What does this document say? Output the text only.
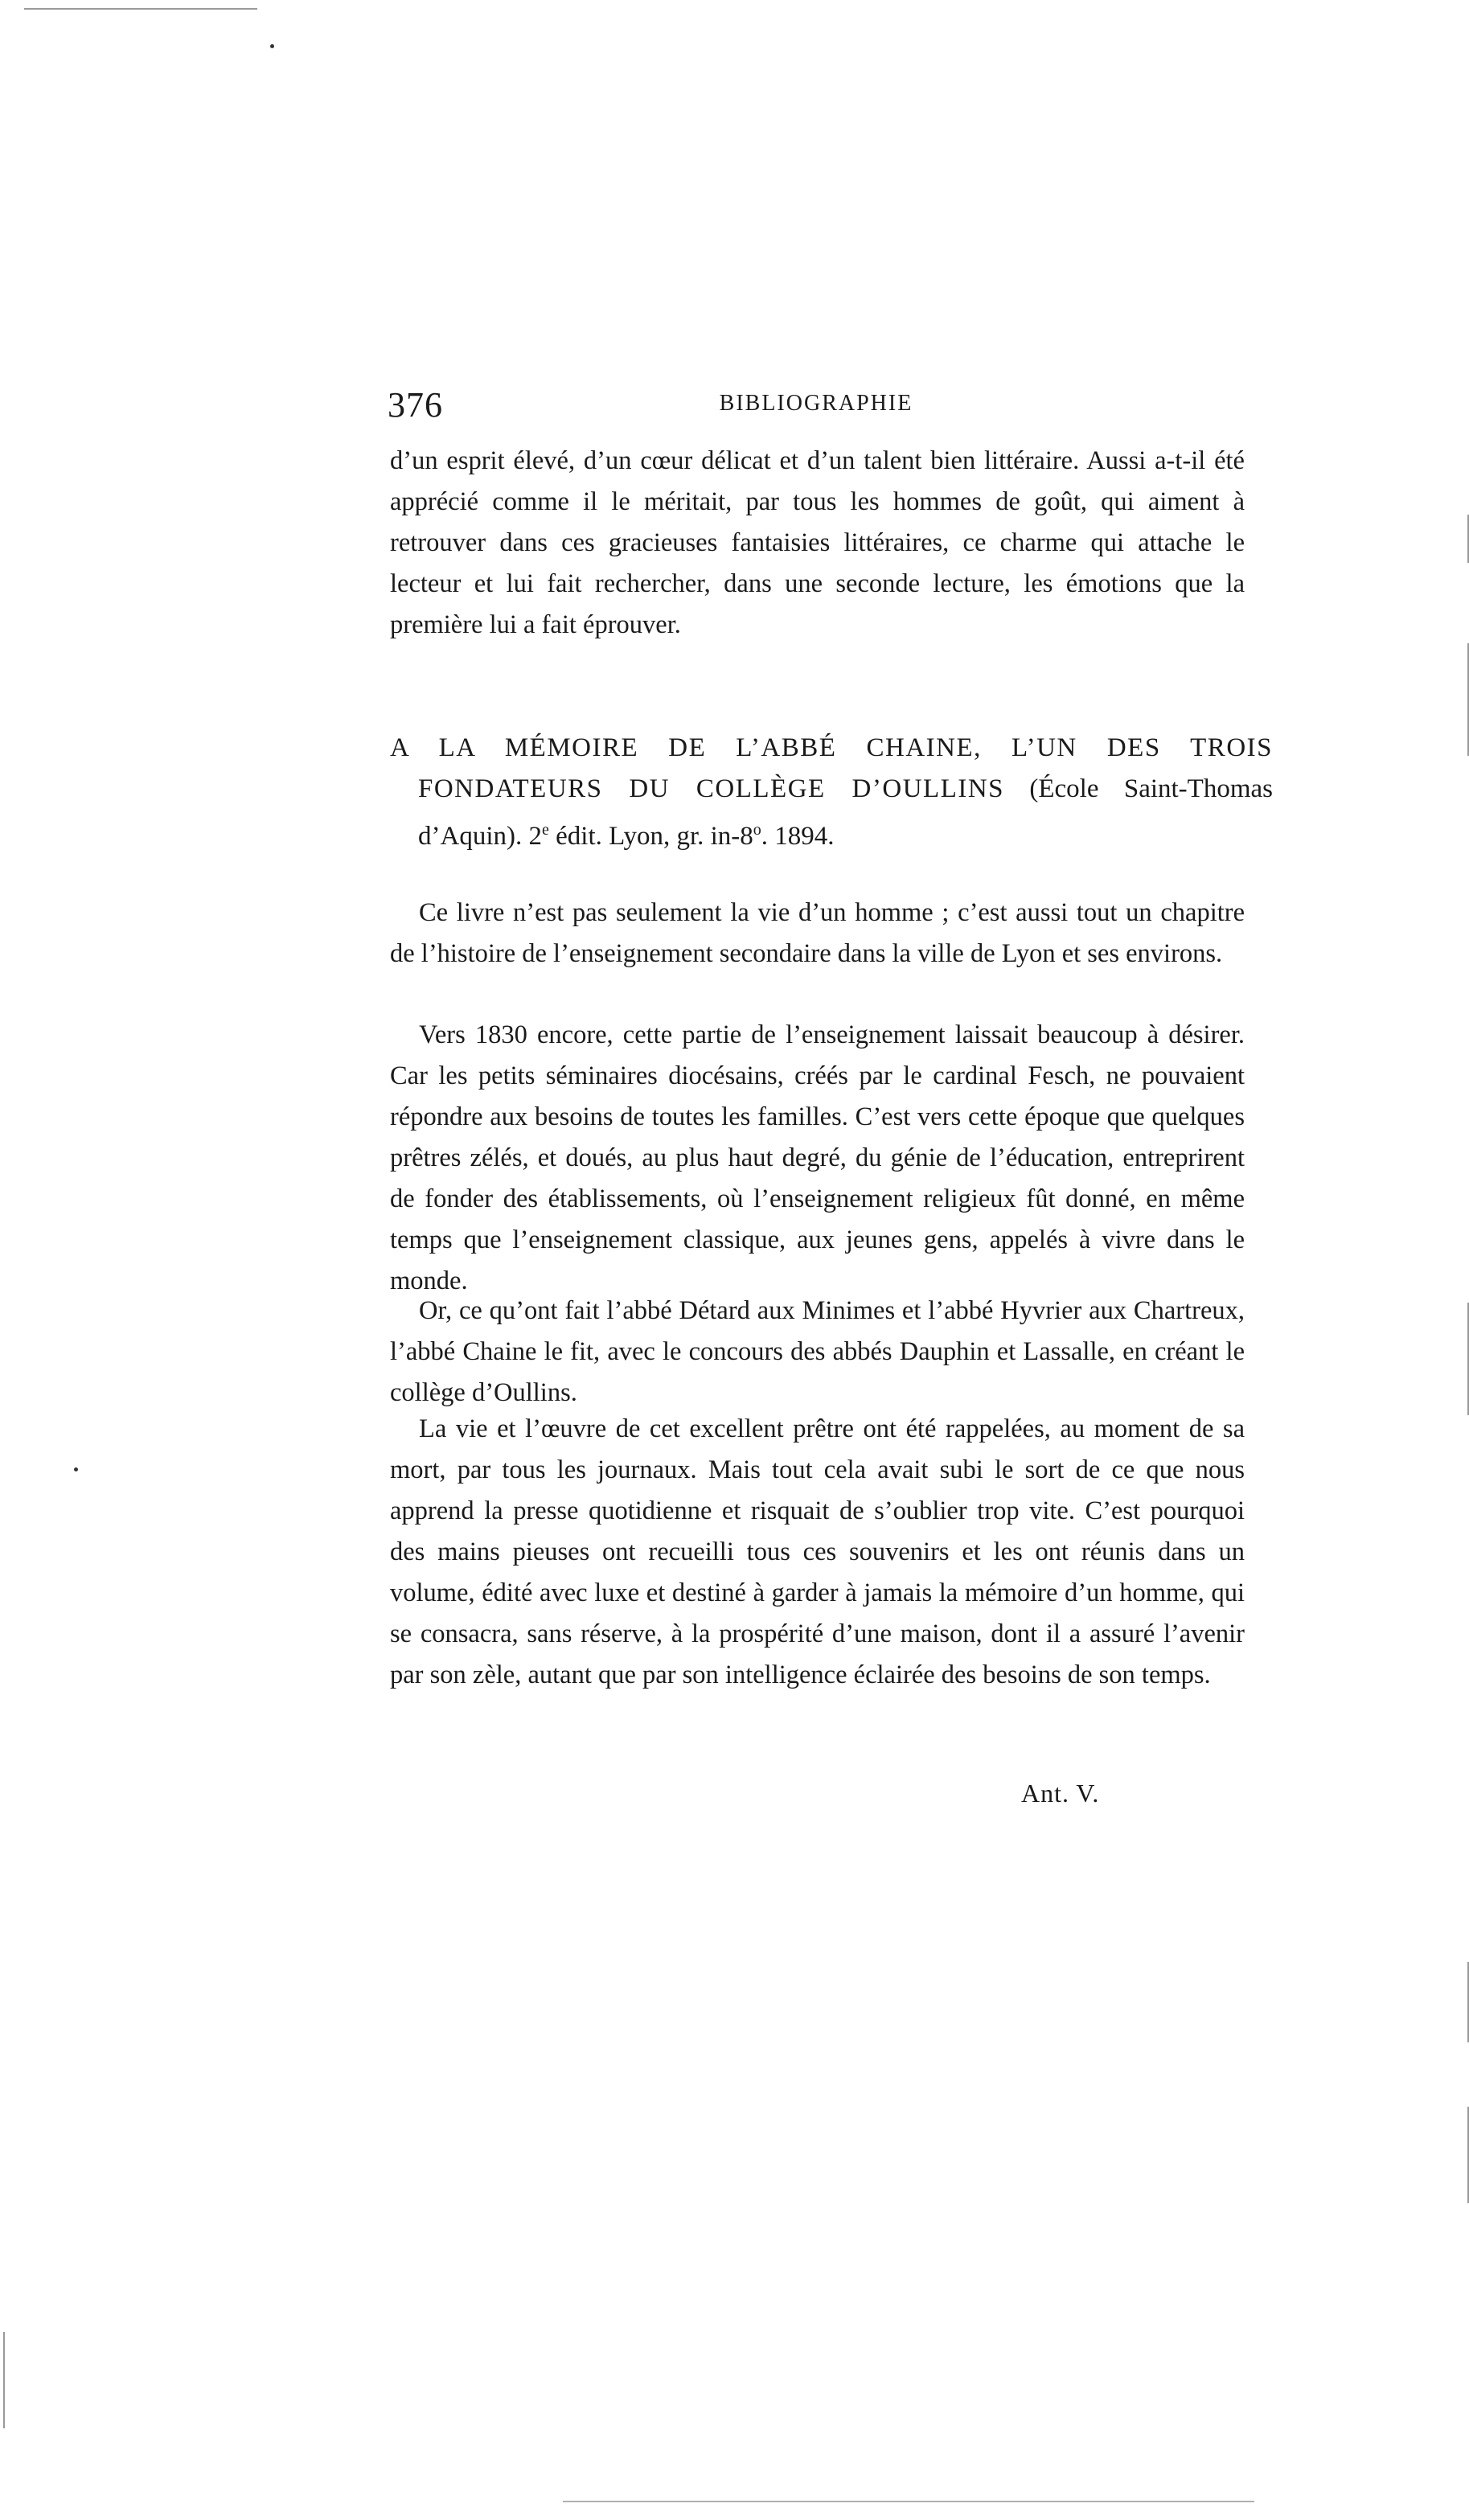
376	BIBLIOGRAPHIE

d’un esprit élevé, d’un cœur délicat et d’un talent bien littéraire. Aussi a-t-il été apprécié comme il le méritait, par tous les hommes de goût, qui aiment à retrouver dans ces gracieuses fantaisies littéraires, ce charme qui attache le lecteur et lui fait rechercher, dans une seconde lecture, les émotions que la première lui a fait éprouver.

A LA MÉMOIRE DE L’ABBÉ CHAINE, L’UN DES TROIS FONDATEURS DU COLLÈGE D’OULLINS (École Saint-Thomas d’Aquin). 2e édit. Lyon, gr. in-8$^o$. 1894.

Ce livre n’est pas seulement la vie d’un homme ; c’est aussi tout un chapitre de l’histoire de l’enseignement secondaire dans la ville de Lyon et ses environs.

Vers 1830 encore, cette partie de l’enseignement laissait beaucoup à désirer. Car les petits séminaires diocésains, créés par le cardinal Fesch, ne pouvaient répondre aux besoins de toutes les familles. C’est vers cette époque que quelques prêtres zélés, et doués, au plus haut degré, du génie de l’éducation, entreprirent de fonder des établissements, où l’enseignement religieux fût donné, en même temps que l’enseignement classique, aux jeunes gens, appelés à vivre dans le monde.

Or, ce qu’ont fait l’abbé Détard aux Minimes et l’abbé Hyvrier aux Chartreux, l’abbé Chaine le fit, avec le concours des abbés Dauphin et Lassalle, en créant le collège d’Oullins.

La vie et l’œuvre de cet excellent prêtre ont été rappelées, au moment de sa mort, par tous les journaux. Mais tout cela avait subi le sort de ce que nous apprend la presse quotidienne et risquait de s’oublier trop vite. C’est pourquoi des mains pieuses ont recueilli tous ces souvenirs et les ont réunis dans un volume, édité avec luxe et destiné à garder à jamais la mémoire d’un homme, qui se consacra, sans réserve, à la prospérité d’une maison, dont il a assuré l’avenir par son zèle, autant que par son intelligence éclairée des besoins de son temps.

Ant. V.
